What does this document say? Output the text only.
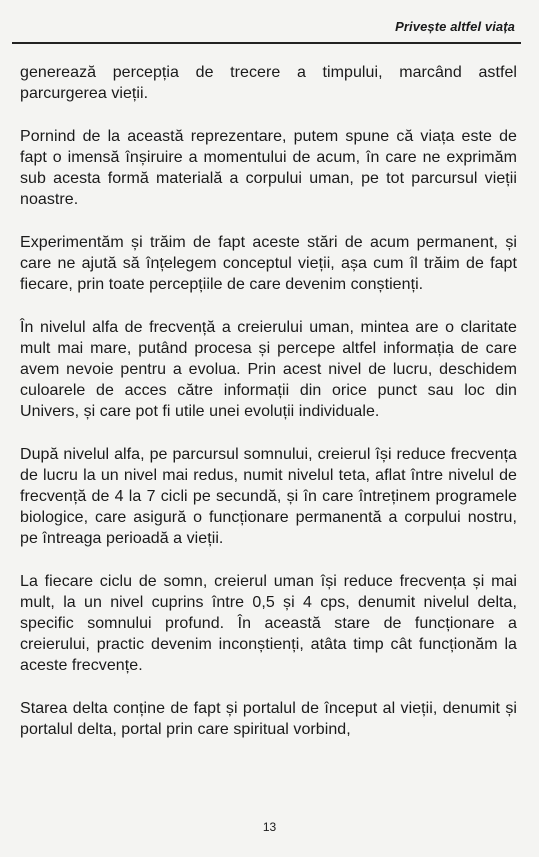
Privește altfel viața

generează percepția de trecere a timpului, marcând astfel parcurgerea vieții.

Pornind de la această reprezentare, putem spune că viața este de fapt o imensă înșiruire a momentului de acum, în care ne exprimăm sub acesta formă materială a corpului uman, pe tot parcursul vieții noastre.

Experimentăm și trăim de fapt aceste stări de acum permanent, și care ne ajută să înțelegem conceptul vieții, așa cum îl trăim de fapt fiecare, prin toate percepțiile de care devenim conștienți.

În nivelul alfa de frecvență a creierului uman, mintea are o claritate mult mai mare, putând procesa și percepe altfel informația de care avem nevoie pentru a evolua. Prin acest nivel de lucru, deschidem culoarele de acces către informații din orice punct sau loc din Univers, și care pot fi utile unei evoluții individuale.

După nivelul alfa, pe parcursul somnului, creierul își reduce frecvența de lucru la un nivel mai redus, numit nivelul teta, aflat între nivelul de frecvență de 4 la 7 cicli pe secundă, și în care întreținem programele biologice, care asigură o funcționare permanentă a corpului nostru, pe întreaga perioadă a vieții.

La fiecare ciclu de somn, creierul uman își reduce frecvența și mai mult, la un nivel cuprins între 0,5 și 4 cps, denumit nivelul delta, specific somnului profund. În această stare de funcționare a creierului, practic devenim inconștienți, atâta timp cât funcționăm la aceste frecvențe.

Starea delta conține de fapt și portalul de început al vieții, denumit și portalul delta, portal prin care spiritual vorbind,

13
